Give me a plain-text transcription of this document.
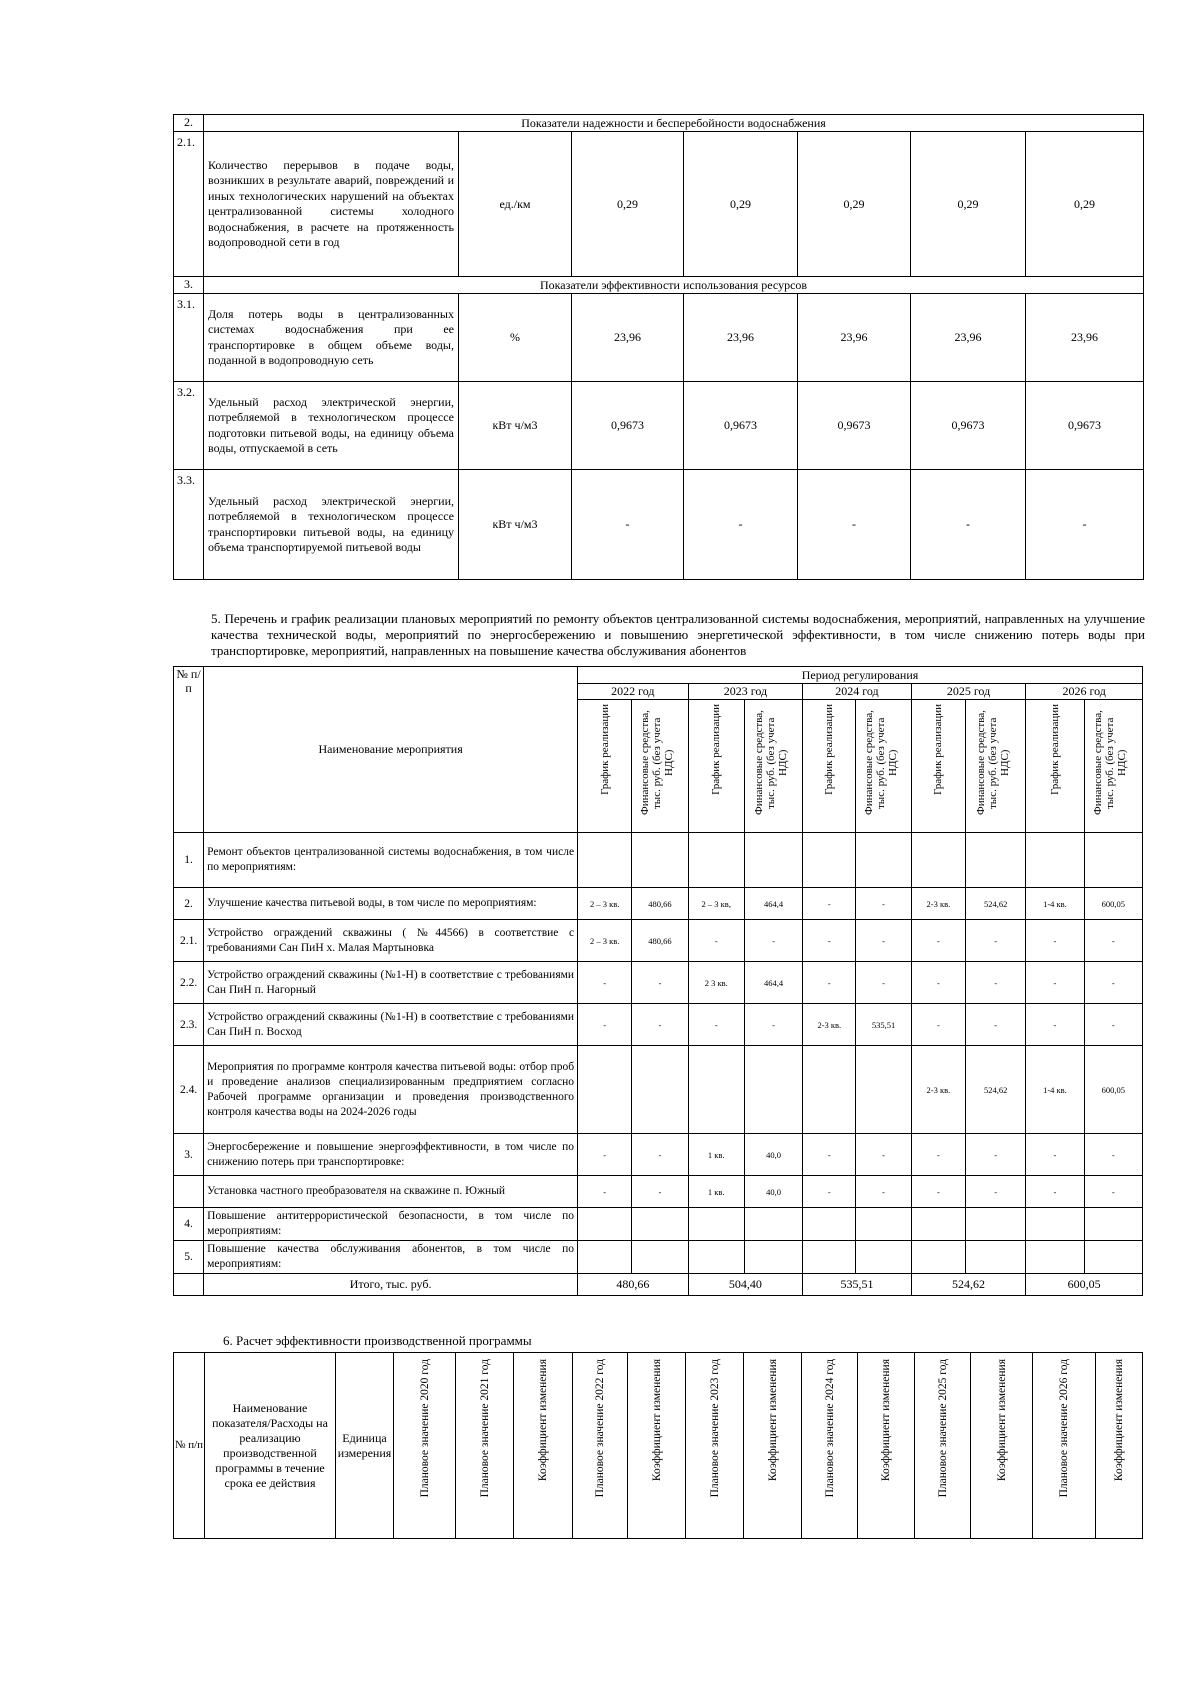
2.	Показатели надежности и бесперебойности водоснабжения						
2.1.	Количество перерывов в подаче воды, возникших в результате аварий, повреждений и иных технологических нарушений на объектах централизованной системы холодного водоснабжения, в расчете на протяженность водопроводной сети в год	ед./км	0,29	0,29	0,29	0,29	0,29
3.	Показатели эффективности использования ресурсов						
3.1.	Доля потерь воды в централизованных системах водоснабжения при ее транспортировке в общем объеме воды, поданной в водопроводную сеть	%	23,96	23,96	23,96	23,96	23,96
3.2.	Удельный расход электрической энергии, потребляемой в технологическом процессе подготовки питьевой воды, на единицу объема воды, отпускаемой в сеть	кВт ч/м3	0,9673	0,9673	0,9673	0,9673	0,9673
3.3.	Удельный расход электрической энергии, потребляемой в технологическом процессе транспортировки питьевой воды, на единицу объема транспортируемой питьевой воды	кВт ч/м3	-	-	-	-	-
5. Перечень и график реализации плановых мероприятий по ремонту объектов централизованной системы водоснабжения, мероприятий, направленных на улучшение качества технической воды, мероприятий по энергосбережению и повышению энергетической эффективности, в том числе снижению потерь воды при транспортировке, мероприятий, направленных на повышение качества обслуживания абонентов
№ п/п	Наименование мероприятия	Период регулирования									
		2022 год		2023 год		2024 год		2025 год		2026 год	

		График реализации	Финансовые средства, тыс. руб. (без учета НДС)	График реализации	Финансовые средства, тыс. руб. (без учета НДС)	График реализации	Финансовые средства, тыс. руб. (без учета НДС)	График реализации	Финансовые средства, тыс. руб. (без учета НДС)	График реализации	Финансовые средства, тыс. руб. (без учета НДС)

1.	Ремонт объектов централизованной системы водоснабжения, в том числе по мероприятиям:										
2.	Улучшение качества питьевой воды, в том числе по мероприятиям:	2 – 3 кв.	480,66	2 – 3 кв,	464,4	-	-	2-3 кв.	524,62	1-4 кв.	600,05
2.1.	Устройство ограждений скважины ( №44566) в соответствие с требованиями Сан ПиН х. Малая Мартыновка	2 – 3 кв.	480,66	-	-	-	-	-	-	-	-
2.2.	Устройство ограждений скважины (№1-Н) в соответствие с требованиями Сан ПиН п. Нагорный	-	-	2 3 кв.	464,4	-	-	-	-	-	-
2.3.	Устройство ограждений скважины (№1-Н) в соответствие с требованиями Сан ПиН п. Восход	-	-	-	-	2-3 кв.	535,51	-	-	-	-
2.4.	Мероприятия по программе контроля качества питьевой воды: отбор проб и проведение анализов специализированным предприятием согласно Рабочей программе организации и проведения производственного контроля качества воды на 2024-2026 годы							2-3 кв.	524,62	1-4 кв.	600,05
3.	Энергосбережение и повышение энергоэффективности, в том числе по снижению потерь при транспортировке:	-	-	1 кв.	40,0	-	-	-	-	-	-
	Установка частного преобразователя на скважине п. Южный	-	-	1 кв.	40,0	-	-	-	-	-	-
4.	Повышение антитеррористической безопасности, в том числе по мероприятиям:										
5.	Повышение качества обслуживания абонентов, в том числе по мероприятиям:										
	Итого, тыс. руб.	480,66		504,40		535,51		524,62		600,05	
6. Расчет эффективности производственной программы
№ п/п	Наименование показателя/Расходы на реализацию производственной программы в течение срока ее действия	Единица измерения	Плановое значение 2020 год	Плановое значение 2021 год	Коэффициент изменения	Плановое значение 2022 год	Коэффициент изменения	Плановое значение 2023 год	Коэффициент изменения	Плановое значение 2024 год	Коэффициент изменения	Плановое значение 2025 год	Коэффициент изменения	Плановое значение 2026 год	Коэффициент изменения
